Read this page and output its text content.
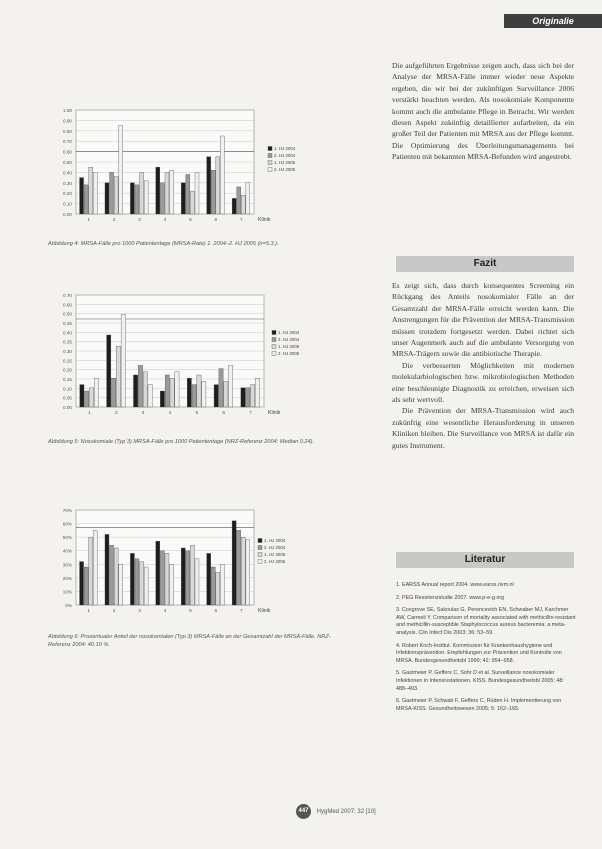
Originalie
1.00
0.90
0.80
0.70
0.60
0.50
0.40
0.30
0.20
0.10
0.00
1	2	3	4	5	6	7	Klinik
1. HJ 2004
2. HJ 2004
1. HJ 2005
2. HJ 2005
0.70
0.60
0.50
0.45
0.40
0.35
0.30
0.25
0.20
0.15
0.10
0.05
0.00
1	2	3	4	5	6	7	Klinik
1. HJ 2004
2. HJ 2004
1. HJ 2005
2. HJ 2005
70%
60%
50%
40%
30%
20%
10%
0%
1	2	3	4	5	6	7	Klinik
1. HJ 2004
2. HJ 2004
1. HJ 2005
2. HJ 2005
Abbildung 4: MRSA-Fälle pro 1000 Patiententage (MRSA-Rate) 1. 2004–2. HJ 2005 (n=5.3.).
Abbildung 5: Nosokomiale (Typ 3) MRSA-Fälle pro 1000 Patiententage (NRZ-Referenz 2004: Median 0.24).
Abbildung 6: Prozentualer Anteil der nosokomialen (Typ 3) MRSA-Fälle an der Gesamtzahl der MRSA-Fälle. NRZ-Referenz 2004: 40.10 %.

Die aufgeführten Ergebnisse zeigen auch, dass sich bei der Analyse der MRSA-Fälle immer wieder neue Aspekte ergeben, die wir bei der zukünftigen Surveillance 2006 verstärkt beachten werden. Als nosokomiale Komponente kommt auch die ambulante Pflege in Betracht. Wir werden diesen Aspekt zukünftig detaillierter aufarbeiten, da ein großer Teil der Patienten mit MRSA aus der Pflege kommt. Die Optimierung des Überleitungsmanagements bei Patienten mit bekannten MRSA-Befunden wird angestrebt.

Fazit

Es zeigt sich, dass durch konsequentes Screening ein Rückgang des Anteils nosokomialer Fälle an der Gesamtzahl der MRSA-Fälle erreicht werden kann. Die Anstrengungen für die Prävention der MRSA-Transmission müssen trotzdem fortgesetzt werden. Dabei richtet sich unser Augenmerk auch auf die ambulante Versorgung von MRSA-Trägern sowie die antibiotische Therapie.

Die verbesserten Möglichkeiten mit modernen molekularbiologischen bzw. mikrobiologischen Methoden eine beschleunigte Diagnostik zu erreichen, erweisen sich als sehr wertvoll.

Die Prävention der MRSA-Transmission wird auch zukünftig eine wesentliche Herausforderung in unseren Kliniken bleiben. Die Surveillance von MRSA ist dafür ein gutes Instrument.

Literatur
1. EARSS Annual report 2004. www.earss.rivm.nl
2. PEG Resistenzstudie 2007. www.p-e-g.org
3. Cosgrove SE, Sakoulas G, Perencevich EN, Schwaber MJ, Karchmer AW, Carmeli Y. Comparison of mortality associated with methicillin-resistant and methicillin-susceptible Staphylococcus aureus bacteremia: a meta-analysis. Clin Infect Dis 2003; 36: 53–59.
4. Robert Koch-Institut. Kommission für Krankenhaushygiene und Infektionsprävention. Empfehlungen zur Prävention und Kontrolle von MRSA. Bundesgesundheitsbl 1999; 42: 954–958.
5. Gastmeier P, Geffers C, Sohr D et al. Surveillance nosokomialer Infektionen in Intensivstationen. KISS. Bundesgesundheitsbl 2005; 48: 488–493.
6. Gastmeier P, Schwab F, Geffers C, Rüden H. Implementierung von MRSA-KISS. Gesundheitswesen 2005; 5: 162–165.
447 HygMed 2007; 32 [10]
